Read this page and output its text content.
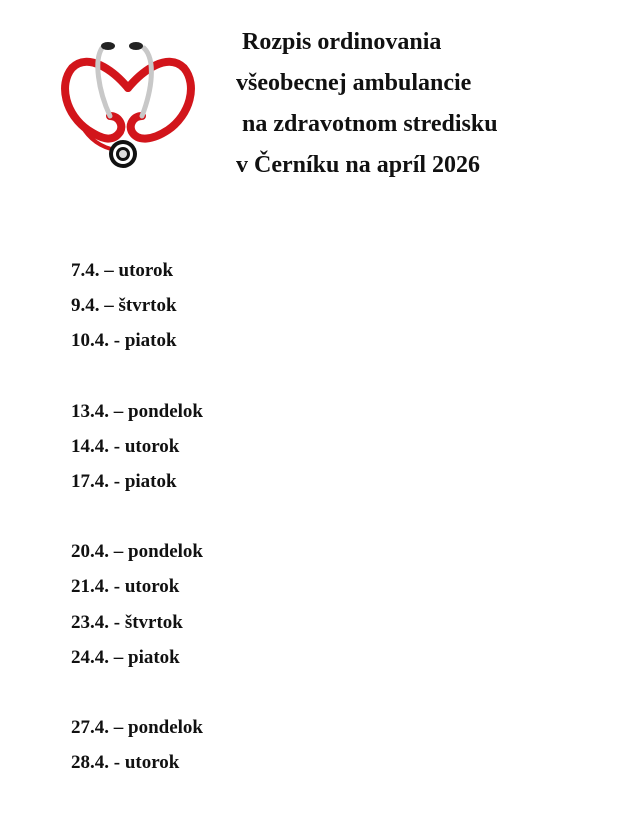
Rozpis ordinovania
všeobecnej ambulancie
na zdravotnom stredisku
v Černíku na apríl 2026
7.4. – utorok
9.4. – štvrtok
10.4. - piatok
13.4. – pondelok
14.4. - utorok
17.4. - piatok
20.4. – pondelok
21.4. - utorok
23.4. - štvrtok
24.4. – piatok
27.4. – pondelok
28.4. - utorok
